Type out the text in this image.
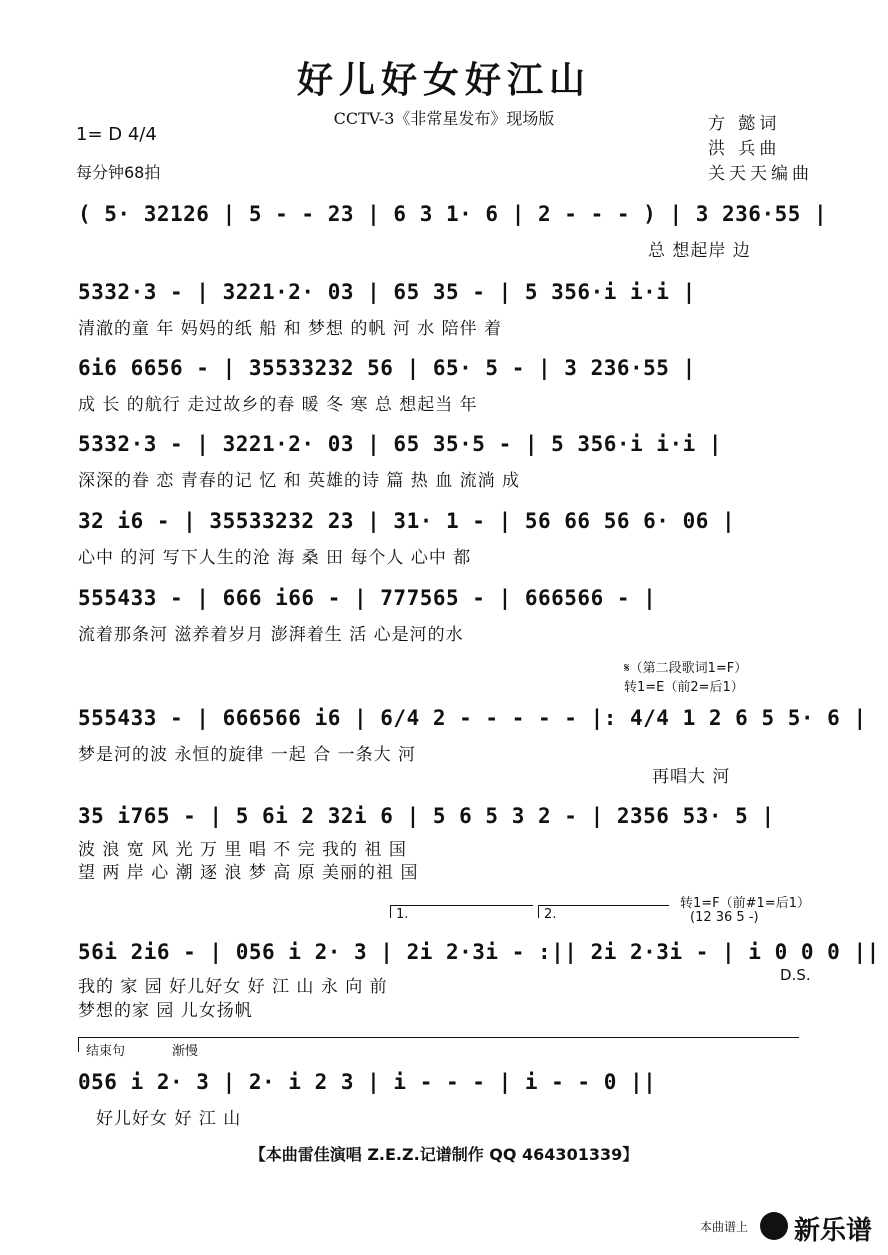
好儿好女好江山
CCTV-3《非常星发布》现场版
1= D 4/4
每分钟68拍
方 懿词
洪 兵曲
关天天编曲
( 5· 32126 | 5 - - 23 | 6 3 1· 6 | 2 - - - ) | 3 236·55 |
总 想起岸 边
5332·3 - | 3221·2· 03 | 65 35 - | 5 356·i i·i |
清澈的童 年 妈妈的纸 船 和 梦想 的帆 河 水 陪伴 着
6i6 6656 - | 35533232 56 | 65· 5 - | 3 236·55 |
成 长 的航行 走过故乡的春 暖 冬 寒 总 想起当 年
5332·3 - | 3221·2· 03 | 65 35·5 - | 5 356·i i·i |
深深的眷 恋 青春的记 忆 和 英雄的诗 篇 热 血 流淌 成
32 i6 - | 35533232 23 | 31· 1 - | 56 66 56 6· 06 |
心中 的河 写下人生的沧 海 桑 田 每个人 心中 都
555433 - | 666 i66 - | 777565 - | 666566 - |
流着那条河 滋养着岁月 澎湃着生 活 心是河的水
𝄋（第二段歌词1=F）
转1=E（前2=后1）
555433 - | 666566 i6 | 6/4 2 - - - - - |: 4/4 1 2 6 5 5· 6 |
梦是河的波 永恒的旋律 一起 合 一条大 河
再唱大 河
35 i765 - | 5 6i 2 32i 6 | 5 6 5 3 2 - | 2356 53· 5 |
波 浪 宽 风 光 万 里 唱 不 完 我的 祖 国
望 两 岸 心 潮 逐 浪 梦 高 原 美丽的祖 国
1.	2.
转1=F（前#1=后1）
(12 36 5 -)
56i 2i6 - | 056 i 2· 3 | 2i 2·3i - :|| 2i 2·3i - | i 0 0 0 ||
D.S.
我的 家 园 好儿好女 好 江 山 永 向 前
梦想的家 园 儿女扬帆
结束句	渐慢
056 i 2· 3 | 2· i 2 3 | i - - - | i - - 0 ||
好儿好女 好 江 山
【本曲雷佳演唱 Z.E.Z.记谱制作 QQ 464301339】
本曲谱上 新乐谱
